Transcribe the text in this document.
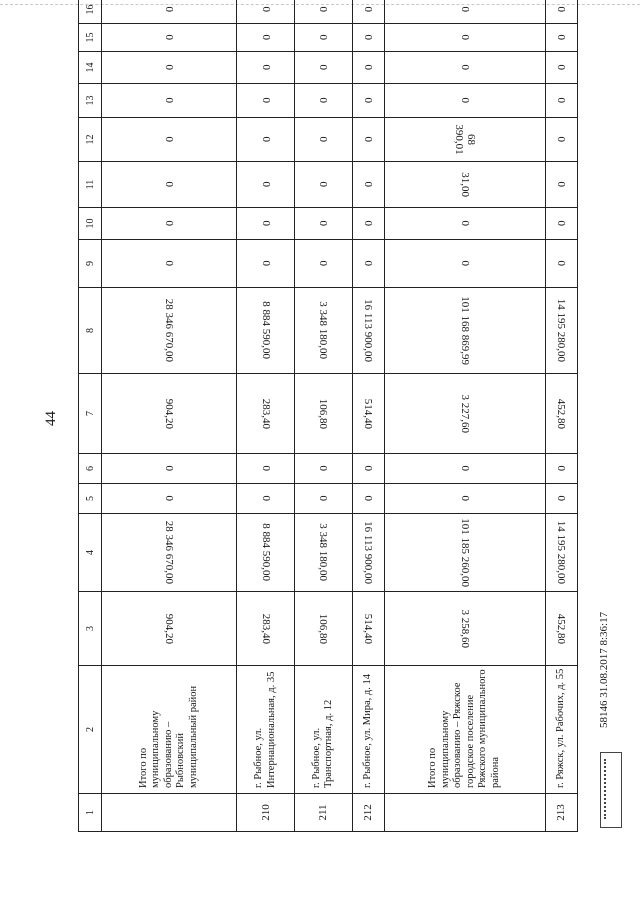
44
1	2	3	4	5	6	7	8	9	10	11	12	13	14	15	16
	Итого по муниципальному образованию – Рыбновский муниципальный район	904,20	28 346 670,00	0	0	904,20	28 346 670,00	0	0	0	0	0	0	0	0
210	г. Рыбное, ул. Интернациональная, д. 35	283,40	8 884 590,00	0	0	283,40	8 884 590,00	0	0	0	0	0	0	0	0
211	г. Рыбное, ул. Транспортная, д. 12	106,80	3 348 180,00	0	0	106,80	3 348 180,00	0	0	0	0	0	0	0	0
212	г. Рыбное, ул. Мира, д. 14	514,40	16 113 900,00	0	0	514,40	16 113 900,00	0	0	0	0	0	0	0	0
	Итого по муниципальному образованию – Ряжское городское поселение Ряжского муниципального района	3 258,60	101 185 260,00	0	0	3 227,60	101 168 869,99	0	0	31,00	68 390,01	0	0	0	0
213	г. Ряжск, ул. Рабочих, д. 55	452,80	14 195 280,00	0	0	452,80	14 195 280,00	0	0	0	0	0	0	0	0
58146 31.08.2017 8:36:17
